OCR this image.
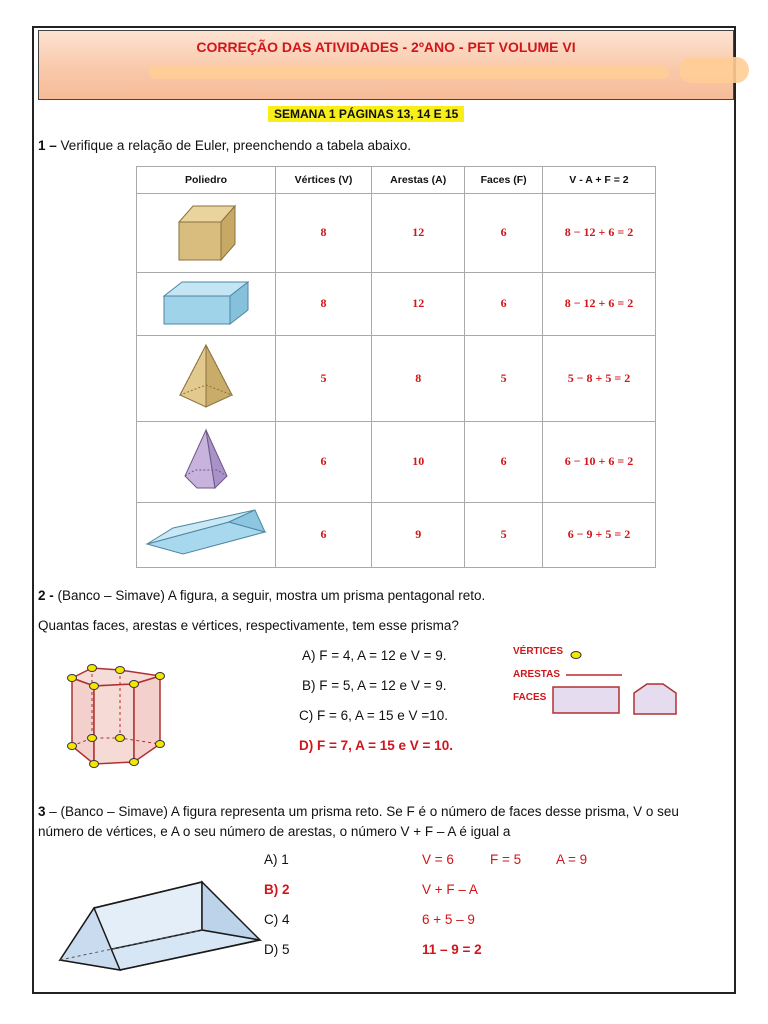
CORREÇÃO DAS ATIVIDADES - 2ºANO - PET VOLUME VI
SEMANA 1 PÁGINAS 13, 14 E 15
1 – Verifique a relação de Euler, preenchendo a tabela abaixo.
Poliedro	Vértices (V)	Arestas (A)	Faces (F)	V - A + F = 2
	8	12	6	8 − 12 + 6 = 2
	8	12	6	8 − 12 + 6 = 2
	5	8	5	5 − 8 + 5 = 2
	6	10	6	6 − 10 + 6 = 2
	6	9	5	6 − 9 + 5 = 2
2 - (Banco – Simave) A figura, a seguir, mostra um prisma pentagonal reto.
Quantas faces, arestas e vértices, respectivamente, tem esse prisma?
A) F = 4, A = 12 e V = 9.
B) F = 5, A = 12 e V = 9.
C) F = 6, A = 15 e V =10.
D) F = 7, A = 15 e V = 10.
VÉRTICES
ARESTAS
FACES
3 – (Banco – Simave) A figura representa um prisma reto. Se F é o número de faces desse prisma, V o seu número de vértices, e A o seu número de arestas, o número V + F – A é igual a
A) 1
B) 2
C) 4
D) 5
V = 6	F = 5	A = 9
V + F – A
6 + 5 – 9
11 – 9 = 2
